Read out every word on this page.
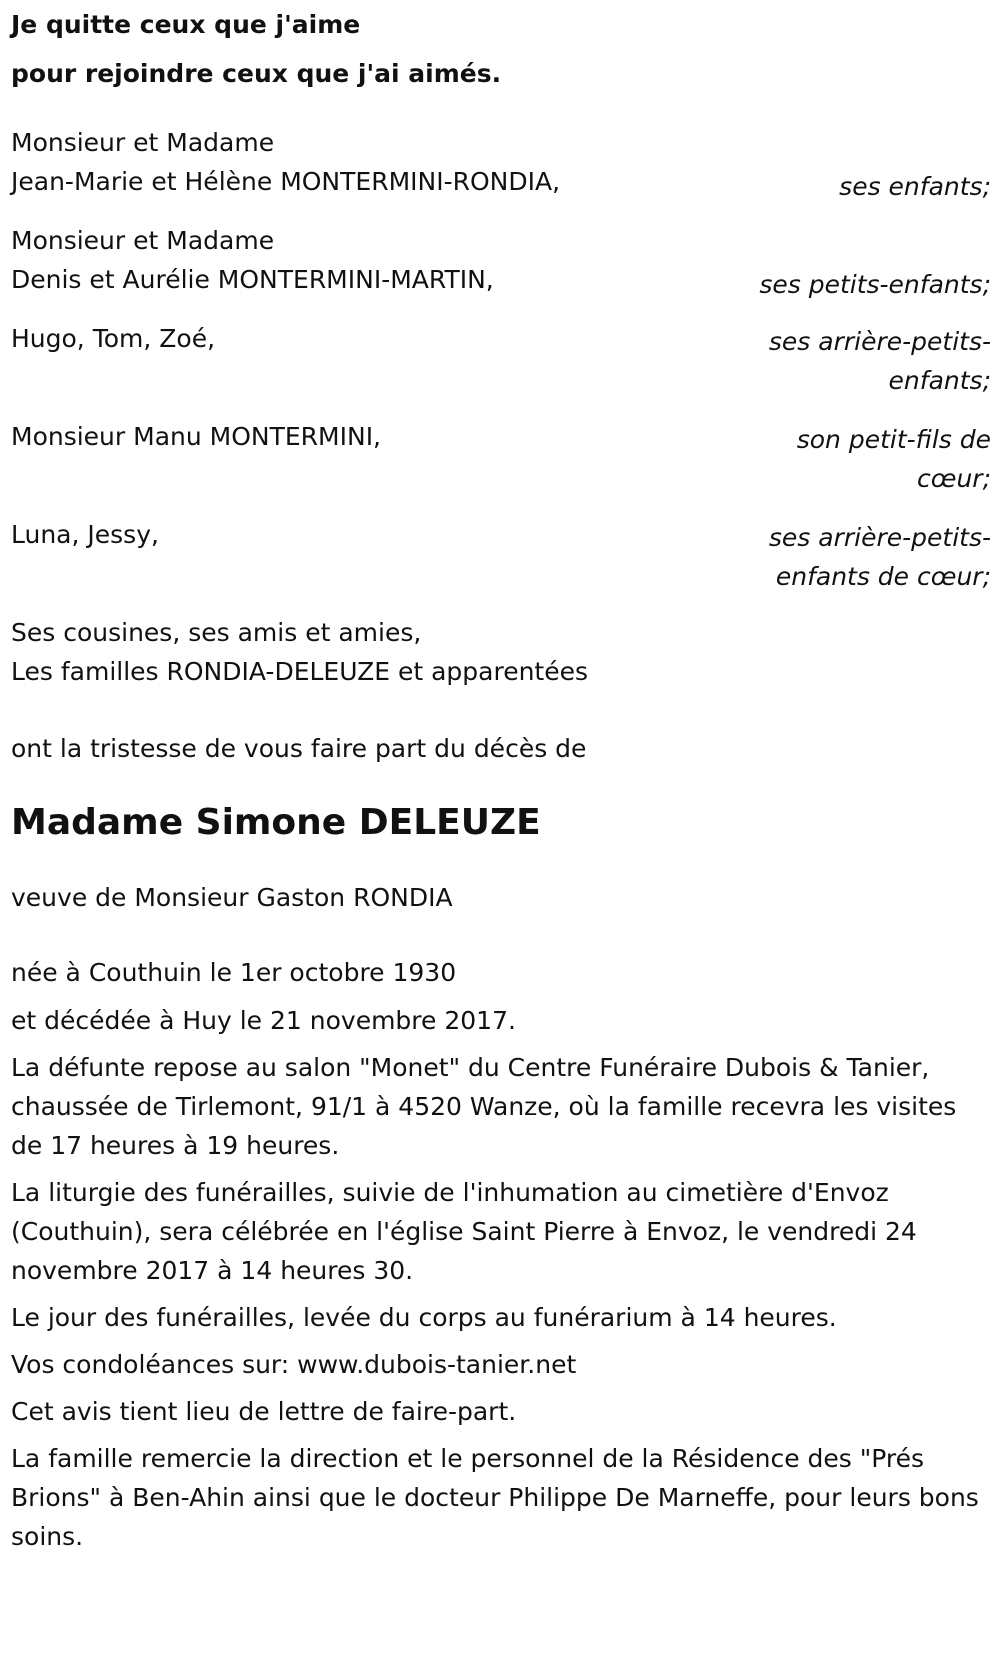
Je quitte ceux que j'aime

pour rejoindre ceux que j'ai aimés.

Monsieur et Madame

Jean-Marie et Hélène MONTERMINI-RONDIA,	ses enfants;

Monsieur et Madame

Denis et Aurélie MONTERMINI-MARTIN,	ses petits-enfants;

Hugo, Tom, Zoé,	ses arrière-petits-enfants;

Monsieur Manu MONTERMINI,	son petit-fils de cœur;

Luna, Jessy,	ses arrière-petits-enfants de cœur;

Ses cousines, ses amis et amies,

Les familles RONDIA-DELEUZE et apparentées

ont la tristesse de vous faire part du décès de

Madame Simone DELEUZE

veuve de Monsieur Gaston RONDIA

née à Couthuin le 1er octobre 1930

et décédée à Huy le 21 novembre 2017.

La défunte repose au salon "Monet" du Centre Funéraire Dubois & Tanier, chaussée de Tirlemont, 91/1 à 4520 Wanze, où la famille recevra les visites de 17 heures à 19 heures.

La liturgie des funérailles, suivie de l'inhumation au cimetière d'Envoz (Couthuin), sera célébrée en l'église Saint Pierre à Envoz, le vendredi 24 novembre 2017 à 14 heures 30.

Le jour des funérailles, levée du corps au funérarium à 14 heures.

Vos condoléances sur: www.dubois-tanier.net

Cet avis tient lieu de lettre de faire-part.

La famille remercie la direction et le personnel de la Résidence des "Prés Brions" à Ben-Ahin ainsi que le docteur Philippe De Marneffe, pour leurs bons soins.
